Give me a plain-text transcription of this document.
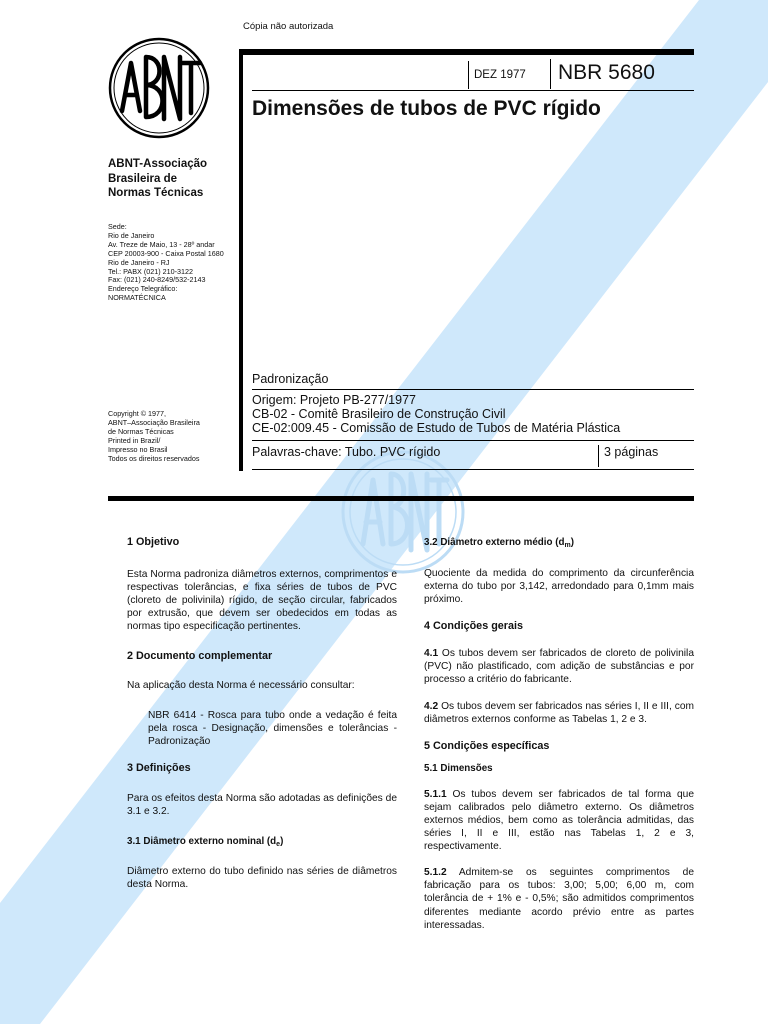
Cópia não autorizada
ABNT-Associação
Brasileira de
Normas Técnicas
Sede:
Rio de Janeiro
Av. Treze de Maio, 13 - 28º andar
CEP 20003-900 - Caixa Postal 1680
Rio de Janeiro - RJ
Tel.: PABX (021) 210-3122
Fax: (021) 240-8249/532-2143
Endereço Telegráfico:
NORMATÉCNICA
Copyright © 1977,
ABNT–Associação Brasileira
de Normas Técnicas
Printed in Brazil/
Impresso no Brasil
Todos os direitos reservados
DEZ 1977 NBR 5680
Dimensões de tubos de PVC rígido
Padronização
Origem: Projeto PB-277/1977
CB-02 - Comitê Brasileiro de Construção Civil
CE-02:009.45 - Comissão de Estudo de Tubos de Matéria Plástica
Palavras-chave: Tubo. PVC rígido	3 páginas
1 Objetivo

Esta Norma padroniza diâmetros externos, comprimentos e respectivas tolerâncias, e fixa séries de tubos de PVC (cloreto de polivinila) rígido, de seção circular, fabricados por extrusão, que devem ser obedecidos em todas as normas tipo especificação pertinentes.

2 Documento complementar

Na aplicação desta Norma é necessário consultar:

NBR 6414 - Rosca para tubo onde a vedação é feita pela rosca - Designação, dimensões e tolerâncias - Padronização

3 Definições

Para os efeitos desta Norma são adotadas as definições de 3.1 e 3.2.

3.1 Diâmetro externo nominal $(d_e)$

Diâmetro externo do tubo definido nas séries de diâmetros desta Norma.

3.2 Diâmetro externo médio $(d_m)$

Quociente da medida do comprimento da circunferência externa do tubo por 3,142, arredondado para 0,1mm mais próximo.

4 Condições gerais

4.1 Os tubos devem ser fabricados de cloreto de polivinila (PVC) não plastificado, com adição de substâncias e por processo a critério do fabricante.

4.2 Os tubos devem ser fabricados nas séries I, II e III, com diâmetros externos conforme as Tabelas 1, 2 e 3.

5 Condições específicas
5.1 Dimensões

5.1.1 Os tubos devem ser fabricados de tal forma que sejam calibrados pelo diâmetro externo. Os diâmetros externos médios, bem como as tolerância admitidas, das séries I, II e III, estão nas Tabelas 1, 2 e 3, respectivamente.

5.1.2 Admitem-se os seguintes comprimentos de fabricação para os tubos: 3,00; 5,00; 6,00 m, com tolerância de + 1% e - 0,5%; são admitidos comprimentos diferentes mediante acordo prévio entre as partes interessadas.
